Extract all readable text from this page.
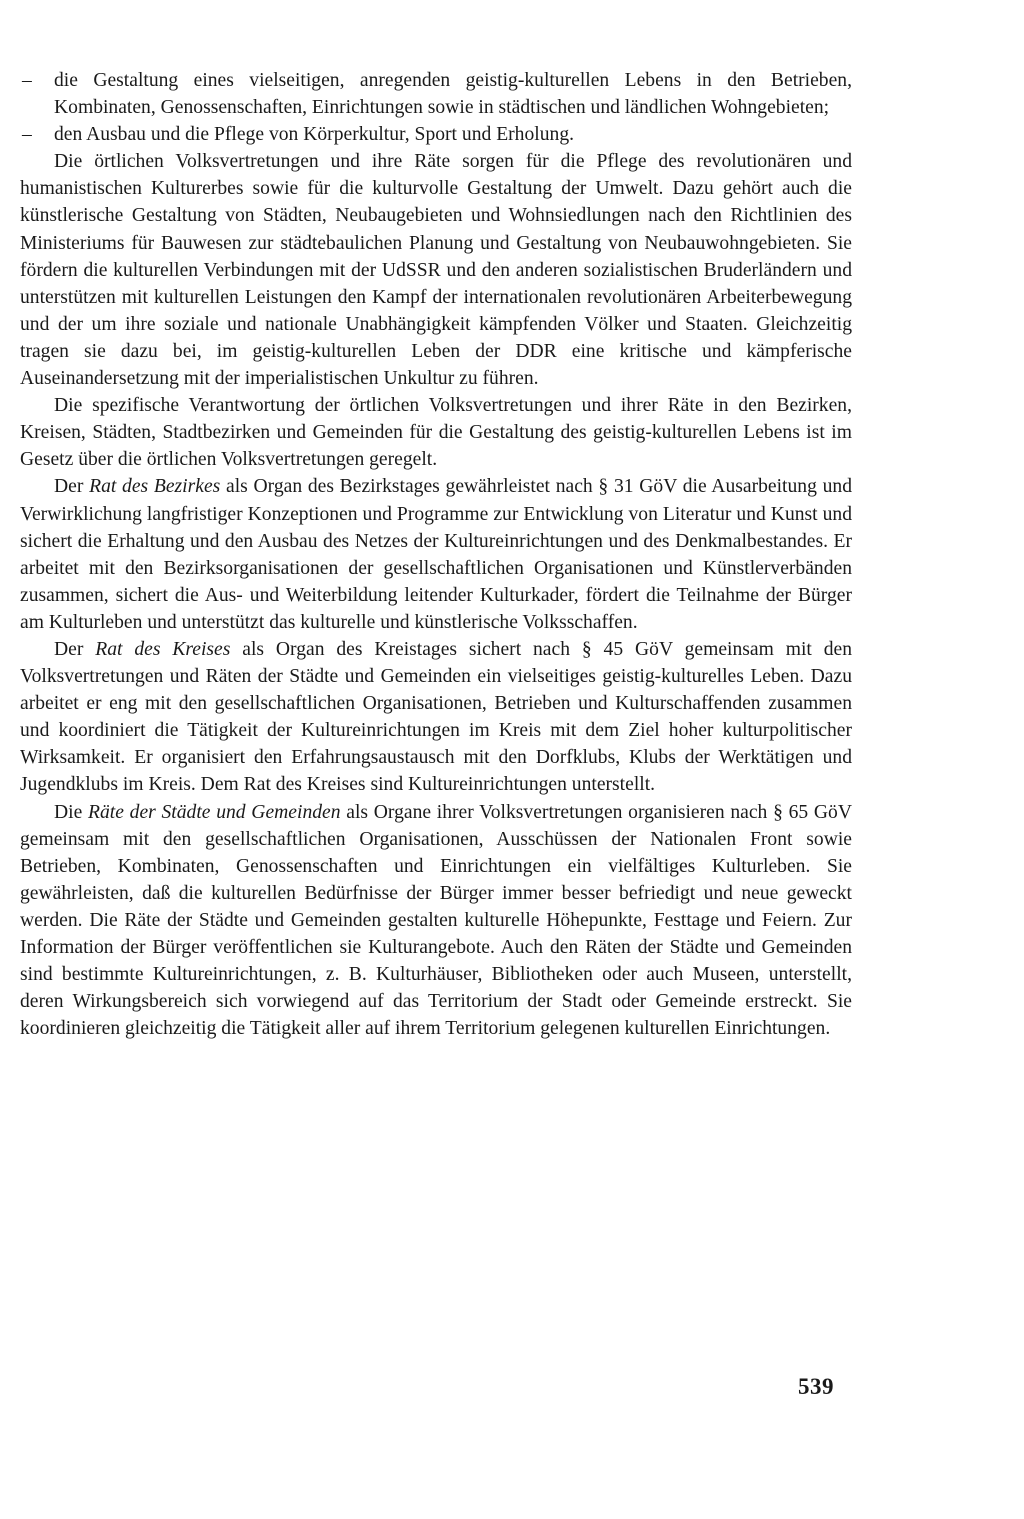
– die Gestaltung eines vielseitigen, anregenden geistig-kulturellen Lebens in den Betrieben, Kombinaten, Genossenschaften, Einrichtungen sowie in städtischen und ländlichen Wohngebieten;

– den Ausbau und die Pflege von Körperkultur, Sport und Erholung.

Die örtlichen Volksvertretungen und ihre Räte sorgen für die Pflege des revolutionären und humanistischen Kulturerbes sowie für die kulturvolle Gestaltung der Umwelt. Dazu gehört auch die künstlerische Gestaltung von Städten, Neubaugebieten und Wohnsiedlungen nach den Richtlinien des Ministeriums für Bauwesen zur städtebaulichen Planung und Gestaltung von Neubauwohngebieten. Sie fördern die kulturellen Verbindungen mit der UdSSR und den anderen sozialistischen Bruderländern und unterstützen mit kulturellen Leistungen den Kampf der internationalen revolutionären Arbeiterbewegung und der um ihre soziale und nationale Unabhängigkeit kämpfenden Völker und Staaten. Gleichzeitig tragen sie dazu bei, im geistig-kulturellen Leben der DDR eine kritische und kämpferische Auseinandersetzung mit der imperialistischen Unkultur zu führen.

Die spezifische Verantwortung der örtlichen Volksvertretungen und ihrer Räte in den Bezirken, Kreisen, Städten, Stadtbezirken und Gemeinden für die Gestaltung des geistig-kulturellen Lebens ist im Gesetz über die örtlichen Volksvertretungen geregelt.

Der Rat des Bezirkes als Organ des Bezirkstages gewährleistet nach § 31 GöV die Ausarbeitung und Verwirklichung langfristiger Konzeptionen und Programme zur Entwicklung von Literatur und Kunst und sichert die Erhaltung und den Ausbau des Netzes der Kultureinrichtungen und des Denkmalbestandes. Er arbeitet mit den Bezirksorganisationen der gesellschaftlichen Organisationen und Künstlerverbänden zusammen, sichert die Aus- und Weiterbildung leitender Kulturkader, fördert die Teilnahme der Bürger am Kulturleben und unterstützt das kulturelle und künstlerische Volksschaffen.

Der Rat des Kreises als Organ des Kreistages sichert nach § 45 GöV gemeinsam mit den Volksvertretungen und Räten der Städte und Gemeinden ein vielseitiges geistig-kulturelles Leben. Dazu arbeitet er eng mit den gesellschaftlichen Organisationen, Betrieben und Kulturschaffenden zusammen und koordiniert die Tätigkeit der Kultureinrichtungen im Kreis mit dem Ziel hoher kulturpolitischer Wirksamkeit. Er organisiert den Erfahrungsaustausch mit den Dorfklubs, Klubs der Werktätigen und Jugendklubs im Kreis. Dem Rat des Kreises sind Kultureinrichtungen unterstellt.

Die Räte der Städte und Gemeinden als Organe ihrer Volksvertretungen organisieren nach § 65 GöV gemeinsam mit den gesellschaftlichen Organisationen, Ausschüssen der Nationalen Front sowie Betrieben, Kombinaten, Genossenschaften und Einrichtungen ein vielfältiges Kulturleben. Sie gewährleisten, daß die kulturellen Bedürfnisse der Bürger immer besser befriedigt und neue geweckt werden. Die Räte der Städte und Gemeinden gestalten kulturelle Höhepunkte, Festtage und Feiern. Zur Information der Bürger veröffentlichen sie Kulturangebote. Auch den Räten der Städte und Gemeinden sind bestimmte Kultureinrichtungen, z. B. Kulturhäuser, Bibliotheken oder auch Museen, unterstellt, deren Wirkungsbereich sich vorwiegend auf das Territorium der Stadt oder Gemeinde erstreckt. Sie koordinieren gleichzeitig die Tätigkeit aller auf ihrem Territorium gelegenen kulturellen Einrichtungen.

539
